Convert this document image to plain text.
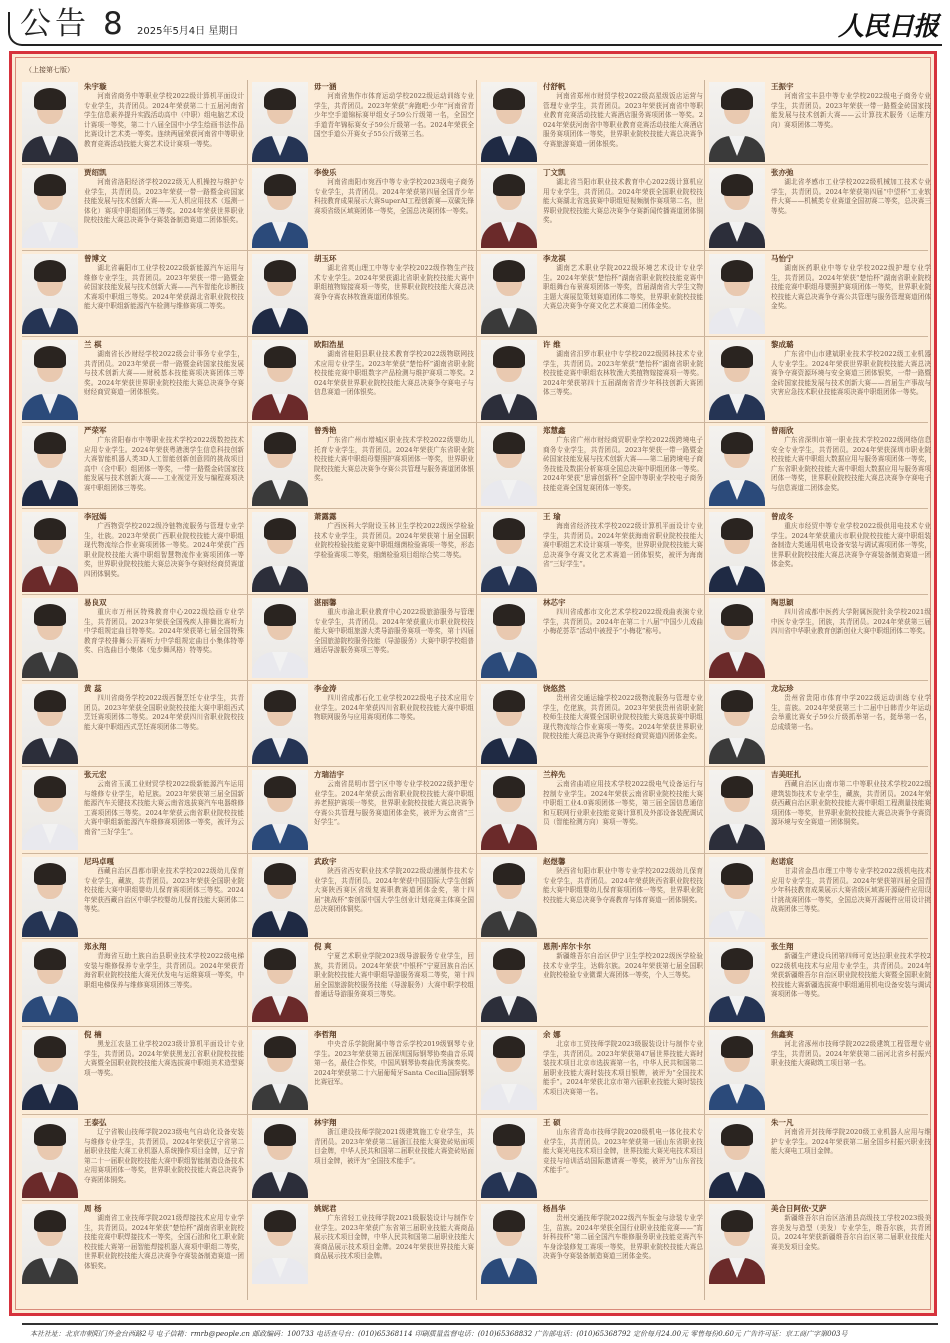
公告 8 2025年5月4日 星期日	人民日报
（上接第七版）
朱宇璇
河南省商务中等职业学校2022级计算机平面设计专业学生，共青团员。2024年荣获第二十五届河南省学生信息素养提升实践活动高中（中职）组电脑艺术设计赛项一等奖，第二十八届全国中小学生绘画书法作品比赛设计艺术类一等奖。连续两届荣获河南省中等职业教育竞赛活动技能大赛艺术设计赛项一等奖。
毋一涵
河南省焦作市体育运动学校2022级运动训练专业学生，共青团员。2023年荣获“奔跑吧·少年”河南省青少年空手道锦标赛甲组女子59公斤级第一名，全国空手道青年锦标赛女子59公斤级第一名。2024年荣获全国空手道公开赛女子55公斤级第三名。
付舒帆
河南省郑州市财贸学校2022级高星级饭店运营与管理专业学生，共青团员。2023年荣获河南省中等职业教育竞赛活动技能大赛酒店服务赛项团体一等奖。2024年荣获河南省中等职业教育竞赛活动技能大赛酒店服务赛项团体一等奖，世界职业院校技能大赛总决赛争夺赛旅游赛道一团体银奖。
王振宇
河南省宝丰县中等专业学校2022级电子商务专业学生，共青团员。2023年荣获一带一路暨金砖国家技能发展与技术创新大赛——云计算技术服务（运维方向）赛项团体二等奖。
贾绍凯
河南省洛阳经济学校2022级无人机操控与维护专业学生，共青团员。2023年荣获一带一路暨金砖国家技能发展与技术创新大赛——无人机应用技术（巡测一体化）赛项中职组团体三等奖。2024年荣获世界职业院校技能大赛总决赛争夺赛装备制造赛道二团体银奖。
李俊乐
河南省南阳市宛西中等专业学校2023级电子商务专业学生，共青团员。2024年荣获第四届全国青少年科技教育成果展示大赛SuperAI工程创新赛—双碳先锋赛项省级区域赛团体一等奖，全国总决赛团体一等奖。
丁文凯
湖北省当阳市职业技术教育中心2022级计算机应用专业学生，共青团员。2024年荣获全国职业院校技能大赛湖北省选拔赛中职组短视频制作赛项第二名，世界职业院校技能大赛总决赛争夺赛新闻传播赛道团体铜奖。
张亦弛
湖北省孝感市工业学校2022级机械加工技术专业学生，共青团员。2024年荣获第四届“中望杯”工业软件大赛——机械类专业赛道全国初赛二等奖，总决赛三等奖。
曾博文
湖北省襄阳市工业学校2022级新能源汽车运用与维修专业学生，共青团员。2023年荣获一带一路暨金砖国家技能发展与技术创新大赛——汽车智能化诊断技术赛项中职组三等奖。2024年荣获湖北省职业院校技能大赛中职组新能源汽车检测与维修赛项二等奖。
胡玉环
湖北省英山理工中等专业学校2022级作物生产技术专业学生。2024年荣获湖北省职业院校技能大赛中职组植物嫁接赛项一等奖，世界职业院校技能大赛总决赛争夺赛农林牧渔赛道团体银奖。
李龙祺
湖南艺术职业学院2022级环境艺术设计专业学生。2024年荣获“楚怡杯”湖南省职业院校技能竞赛中职组舞台布景赛项团体一等奖，首届湖南省大学生文物主题大赛展览策划赛道团体二等奖，世界职业院校技能大赛总决赛争夺赛文化艺术赛道二团体金奖。
马怡宁
湖南医药职业中等专业学校2022级护理专业学生，共青团员。2024年荣获“楚怡杯”湖南省职业院校技能竞赛中职组母婴照护赛项团体一等奖，世界职业院校技能大赛总决赛争夺赛公共管理与服务管理赛道团体金奖。
兰 棋
湖南省长沙财经学校2022级会计事务专业学生，共青团员。2023年荣获一带一路暨金砖国家技能发展与技术创新大赛——财税基本技能赛项决赛团体三等奖。2024年荣获世界职业院校技能大赛总决赛争夺赛财经商贸赛道一团体银奖。
欧阳浩星
湖南省桂阳县职业技术教育学校2022级物联网技术应用专业学生。2023年荣获“楚怡杯”湖南省职业院校技能竞赛中职组数字产品检测与维护赛项二等奖。2024年荣获世界职业院校技能大赛总决赛争夺赛电子与信息赛道一团体银奖。
许 维
湖南省汨罗市职业中专学校2022级园林技术专业学生，共青团员。2023年荣获“楚怡杯”湖南省职业院校技能竞赛中职组农林牧渔大类植物嫁接赛项一等奖。2024年荣获第四十五届湖南省青少年科技创新大赛团体三等奖。
黎成璐
广东省中山市建斌职业技术学校2022级工业机器人专业学生。2024年荣获世界职业院校技能大赛总决赛争夺赛资源环境与安全赛道三团体银奖，一带一路暨金砖国家技能发展与技术创新大赛——首届生产事故与灾害应急技术职业技能赛项决赛中职组团体一等奖。
严荣军
广东省阳春市中等职业技术学校2022级数控技术应用专业学生。2024年荣获粤港澳学生信息科技创新大赛智能机器人类3D人工智能创新创意园的挑战项目高中（含中职）组团体一等奖，一带一路暨金砖国家技能发展与技术创新大赛——工业视觉开发与编程赛项决赛中职组团体三等奖。
曾秀艳
广东省广州市增城区职业技术学校2022级婴幼儿托育专业学生，共青团员。2024年荣获广东省职业院校技能大赛中职组母婴照护赛项团体一等奖，世界职业院校技能大赛总决赛争夺赛公共管理与服务赛道团体银奖。
郑慧鑫
广东省广州市财经商贸职业学校2022级跨境电子商务专业学生，共青团员。2023年荣获一带一路暨金砖国家技能发展与技术创新大赛——第二届跨境电子商务技能及数据分析赛项全国总决赛中职组团体一等奖。2024年荣获“思睿创新杯”全国中等职业学校电子商务技能竞赛全国复赛团体一等奖。
曾雨欣
广东省深圳市第一职业技术学校2022级网络信息安全专业学生，共青团员。2024年荣获深圳市职业院校技能大赛中职组大数据应用与服务赛项团体一等奖，广东省职业院校技能大赛中职组大数据应用与服务赛项团体一等奖，世界职业院校技能大赛总决赛争夺赛电子与信息赛道二团体金奖。
李冠嫣
广西物资学校2022级冷链物流服务与管理专业学生，壮族。2023年荣获广西职业院校技能大赛中职组现代物流综合作业赛项团体一等奖。2024年荣获广西职业院校技能大赛中职组智慧物流作业赛项团体一等奖，世界职业院校技能大赛总决赛争夺赛财经商贸赛道四团体铜奖。
萧露露
广西医科大学附设玉林卫生学校2022级医学检验技术专业学生，共青团员。2024年荣获第十届全国职业院校检验技能竞赛中职组细菌检验赛项一等奖，形态学检验赛项二等奖，细菌检验项目组综合奖二等奖。
王 瑜
海南省经济技术学校2022级计算机平面设计专业学生，共青团员。2024年荣获海南省职业院校技能大赛中职组艺术设计赛项一等奖，世界职业院校技能大赛总决赛争夺赛文化艺术赛道一团体银奖，被评为海南省“三好学生”。
曾成冬
重庆市经贸中等专业学校2022级供用电技术专业学生。2024年荣获重庆市职业院校技能大赛中职组装备制造大类通用机电设备安装与调试赛项团体一等奖，世界职业院校技能大赛总决赛争夺赛装备制造赛道一团体金奖。
易良双
重庆市万州区特殊教育中心2022级绘画专业学生，共青团员。2023年荣获全国残疾人排舞比赛听力中学组规定曲目特等奖。2024年荣获第七届全国特殊教育学校排舞公开赛听力中学组规定曲目小集体特等奖、自选曲目小集体（兔步舞风格）特等奖。
湛丽馨
重庆市渝北职业教育中心2022级旅游服务与管理专业学生，共青团员。2024年荣获重庆市职业院校技能大赛中职组旅游大类导游服务赛项一等奖，第十四届全国旅游院校服务技能（导游服务）大赛中职学校组普通话导游服务赛项三等奖。
林芯宇
四川省成都市文化艺术学校2022级戏曲表演专业学生，共青团员。2024年在第二十八届“中国少儿戏曲小梅花荟萃”活动中被授予“小梅花”称号。
陶思颖
四川省成都中医药大学附属医院针灸学校2021级中医专业学生，团族，共青团员。2024年荣获第三届四川省中华职业教育创新创业大赛中职组团体二等奖。
黄 蕊
四川省商务学校2022级西餐烹饪专业学生，共青团员。2023年荣获全国职业院校技能大赛中职组西式烹饪赛项团体二等奖。2024年荣获四川省职业院校技能大赛中职组西式烹饪赛项团体二等奖。
李金涛
四川省成都石化工业学校2022级电子技术应用专业学生。2024年荣获四川省职业院校技能大赛中职组物联网服务与应用赛项团体二等奖。
饶悠然
贵州省交通运输学校2022级物流服务与管理专业学生，仡佬族，共青团员。2023年荣获贵州省职业院校师生技能大赛暨全国职业院校技能大赛选拔赛中职组现代物流综合作业赛项一等奖。2024年荣获世界职业院校技能大赛总决赛争夺赛财经商贸赛道四团体金奖。
龙坛珍
贵州省贵阳市体育中学2022级运动训练专业学生，苗族。2024年荣获第三十二届中日韩青少年运动会举重比赛女子59公斤级抓举第一名，挺举第一名，总成绩第一名。
张元宏
云南省玉溪工业财贸学校2022级新能源汽车运用与维修专业学生，哈尼族。2023年荣获第三届全国新能源汽车关键技术技能大赛云南省选拔赛汽车电器维修工赛项团体三等奖。2024年荣获云南省职业院校技能大赛中职组新能源汽车维修赛项团体一等奖，被评为云南省“三好学生”。
方瑞洁宇
云南省昆明市晋宁区中等专业学校2022级护理专业学生。2024年荣获云南省职业院校技能大赛中职组养老照护赛项一等奖，世界职业院校技能大赛总决赛争夺赛公共管理与服务赛道团体金奖，被评为云南省“三好学生”。
兰梓先
云南省曲靖应用技术学校2022级电气设备运行与控制专业学生。2024年荣获云南省职业院校技能大赛中职组工业4.0赛项团体一等奖，第三届全国信息通信和互联网行业职业技能竞赛计算机及外部设备装配调试员（智能检测方向）赛项一等奖。
吉美旺扎
西藏自治区山南市第二中等职业技术学校2022级建筑装饰技术专业学生，藏族，共青团员。2024年荣获西藏自治区职业院校技能大赛中职组工程测量技能赛项团体一等奖，世界职业院校技能大赛总决赛争夺赛资源环境与安全赛道一团体铜奖。
尼玛卓嘎
西藏自治区昌都市职业技术学校2022级幼儿保育专业学生，藏族，共青团员。2023年荣获全国职业院校技能大赛中职组婴幼儿保育赛项团体三等奖。2024年荣获西藏自治区中职学校婴幼儿保育技能大赛团体二等奖。
武政宇
陕西省西安职业技术学院2022级动漫制作技术专业学生，共青团员。2024年荣获中国国际大学生创新大赛陕西赛区省级复赛职教赛道团体金奖，第十四届“挑战杯”秦创原中国大学生创业计划竞赛主体赛全国总决赛团体铜奖。
赵煜馨
陕西省旬阳市职业中等专业学校2022级幼儿保育专业学生，共青团员。2024年荣获陕西省职业院校技能大赛中职组婴幼儿保育赛项团体一等奖，世界职业院校技能大赛总决赛争夺赛教育与体育赛道一团体铜奖。
赵诺宸
甘肃省金昌市理工中等专业学校2022级机电技术应用专业学生，共青团员。2024年荣获第四届全国青少年科技教育成果展示大赛省级区域赛开源硬件应用设计挑战赛团体一等奖，全国总决赛开源硬件应用设计挑战赛团体三等奖。
郑永翔
青海省互助土族自治县职业技术学校2022级电梯安装与维修保养专业学生，共青团员。2024年荣获青海省职业院校技能大赛光伏发电与运维赛项一等奖，中职组电梯保养与维修赛项团体三等奖。
倪 爽
宁夏艺术职业学院2023级导游服务专业学生，回族，共青团员。2024年荣获“中银杯”宁夏回族自治区职业院校技能大赛中职组导游服务赛项二等奖，第十四届全国旅游院校服务技能（导游服务）大赛中职学校组普通话导游服务赛项三等奖。
恩荆·库尔卡尔
新疆维吾尔自治区伊宁卫生学校2022级医学检验技术专业学生，达斡尔族。2024年荣获第七届全国职业院校检验专业微课大赛团体一等奖，个人三等奖。
张生翔
新疆生产建设兵团第四师可克达拉职业技术学校2022级机电技术与应用专业学生，共青团员。2024年荣获新疆维吾尔自治区职业院校技能大赛暨全国职业院校技能大赛新疆选拔赛中职组通用机电设备安装与调试赛项团体一等奖。
倪 楠
黑龙江农垦工业学校2023级计算机平面设计专业学生，共青团员。2024年荣获黑龙江省职业院校技能大赛暨全国职业院校技能大赛选拔赛中职组美术造型赛项一等奖。
李哲翔
中央音乐学院附属中等音乐学校2019级钢琴专业学生。2023年荣获第五届深圳国际钢琴协奏曲音乐周第一名，最佳合作奖，中国风钢琴协奏曲优秀演奏奖。2024年荣获第二十六届葡萄牙Santa Cecilia国际钢琴比赛冠军。
余 娜
北京市工贸技师学院2023级服装设计与制作专业学生，共青团员。2023年荣获第47届世界技能大赛时装技术项目北京市选拔赛第一名，中华人民共和国第二届职业技能大赛时装技术项目银牌，被评为“全国技术能手”。2024年荣获北京市第六届职业技能大赛时装技术项目决赛第一名。
焦鑫赛
河北省涿州市技师学院2022级建筑工程管理专业学生，共青团员。2024年荣获第二届河北省乡村振兴职业技能大赛砌筑工项目第一名。
王泰弘
辽宁省鞍山技师学院2023级电气自动化设备安装与维修专业学生，共青团员。2024年荣获辽宁省第二届职业技能大赛工业机器人系统操作项目金牌，辽宁省第二十一届职业院校技能大赛中职组智能制造设备技术应用赛项团体一等奖，世界职业院校技能大赛总决赛争夺赛团体铜奖。
林宇翔
浙江建设技师学院2021级建筑施工专业学生，共青团员。2023年荣获第二届浙江技能大赛瓷砖贴面项目金牌，中华人民共和国第二届职业技能大赛瓷砖贴面项目金牌，被评为“全国技术能手”。
王 硕
山东省青岛市技师学院2020级机电一体化技术专业学生，共青团员。2023年荣获第一届山东省职业技能大赛光电技术项目金牌，世界技能大赛光电技术项目竞技与培训活动国际邀请赛一等奖，被评为“山东省技术能手”。
朱一凡
河南省开封技师学院2020级工业机器人应用与维护专业学生。2024年荣获第二届全国乡村振兴职业技能大赛电工项目金牌。
周 杨
湖南省工业技师学院2021级焊接技术应用专业学生，共青团员。2024年荣获“楚怡杯”湖南省职业院校技能竞赛中职焊接技术一等奖，全国石油和化工职业院校技能大赛第一届智能焊接机器人赛项中职组二等奖，世界职业院校技能大赛总决赛争夺赛装备制造赛道一团体银奖。
姚妮君
广东省轻工业技师学院2021级服装设计与制作专业学生。2023年荣获广东省第三届职业技能大赛商品展示技术项目金牌，中华人民共和国第二届职业技能大赛商品展示技术项目金牌。2024年荣获世界技能大赛商品展示技术项目金牌。
杨昌华
贵州交通技师学院2022级汽车钣金与涂装专业学生，苗族。2024年荣获全国行业职业技能竞赛——“宵轩科技杯”第二届全国汽车维修服务职业技能竞赛汽车车身涂装修复工赛项一等奖，世界职业院校技能大赛总决赛争夺赛装备制造赛道三团体金奖。
美合日阿依·艾萨
新疆维吾尔自治区洛浦县高级技工学校2023级美容美发与造型（美发）专业学生，维吾尔族，共青团员。2024年荣获新疆维吾尔自治区第二届职业技能大赛美发项目金奖。
本社社址：北京市朝阳门外金台西路2号 电子信箱：rmrb@people.cn 邮政编码：100733 电话查号台：(010)65368114 印刷质量监督电话：(010)65368832 广告部电话：(010)65368792 定价每月24.00元 零售每份0.60元 广告许可证：京工商广字第003号
